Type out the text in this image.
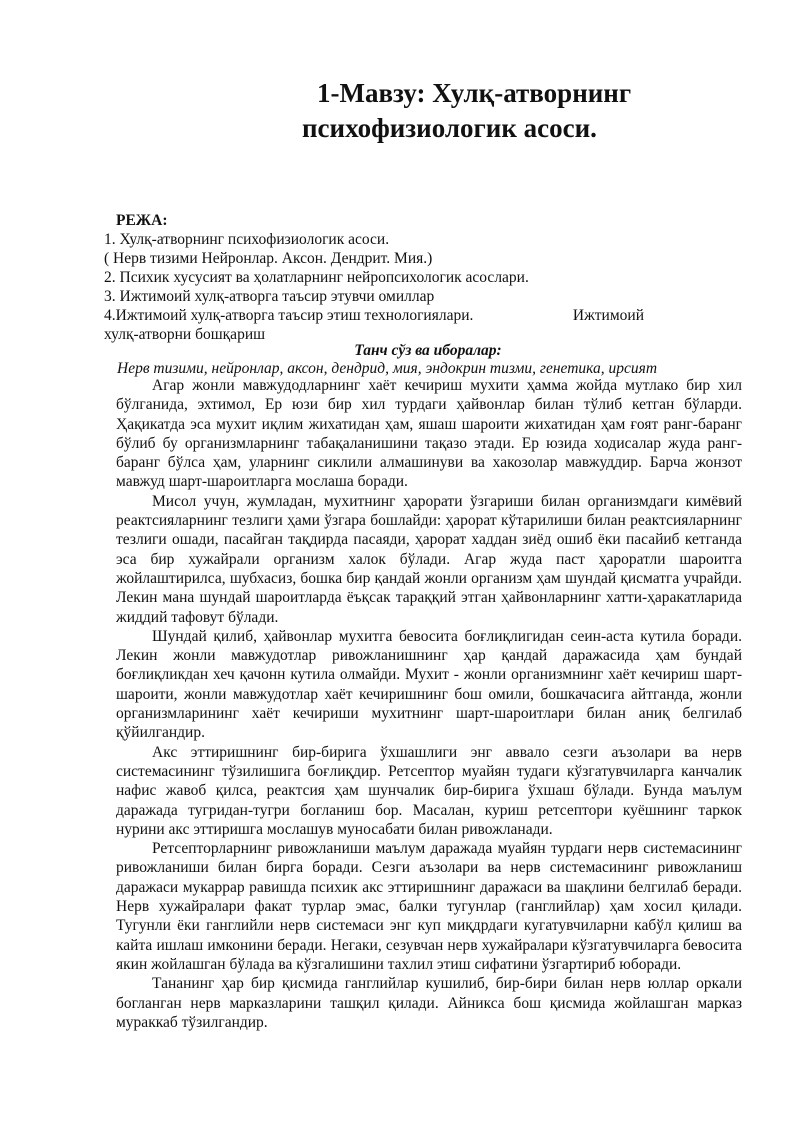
1-Мавзу: Хулқ-атворнинг
психофизиологик асоси.
РЕЖА:
1. Хулқ-атворнинг психофизиологик асоси.
( Нерв тизими Нейронлар. Аксон. Дендрит. Мия.)
2. Психик хусусият ва ҳолатларнинг нейропсихологик асослари.
3. Ижтимоий хулқ-атворга таъсир этувчи омиллар
4.Ижтимоий хулқ-атворга таъсир этиш технологиялари.	Ижтимоий
хулқ-атворни бошқариш
Танч сўз ва иборалар:
Нерв тизими, нейронлар, аксон, дендрид, мия, эндокрин тизми, генетика, ирсият

Агар жонли мавжудодларнинг хаёт кечириш мухити ҳамма жойда мутлако бир хил бўлганида, эхтимол, Ер юзи бир хил турдаги ҳайвонлар билан тўлиб кетган бўларди. Ҳақикатда эса мухит иқлим жихатидан ҳам, яшаш шароити жихатидан ҳам ғоят ранг-баранг бўлиб бу организмларнинг табақаланишини тақазо этади. Ер юзида ходисалар жуда ранг-баранг бўлса ҳам, уларнинг сиклили алмашинуви ва хакозолар мавжуддир. Барча жонзот мавжуд шарт-шароитларга мослаша боради.

Мисол учун, жумладан, мухитнинг ҳарорати ўзгариши билан организмдаги кимёвий реактсияларнинг тезлиги ҳами ўзгара бошлайди: ҳарорат кўтарилиши билан реактсияларнинг тезлиги ошади, пасайган тақдирда пасаяди, ҳарорат хаддан зиёд ошиб ёки пасайиб кетганда эса бир хужайрали организм халок бўлади. Агар жуда паст ҳароратли шароитга жойлаштирилса, шубхасиз, бошка бир қандай жонли организм ҳам шундай қисматга учрайди. Лекин мана шундай шароитларда ёъқсак тараққий этган ҳайвонларнинг хатти-ҳаракатларида жиддий тафовут бўлади.

Шундай қилиб, ҳайвонлар мухитга бевосита боғлиқлигидан сеин-аста кутила боради. Лекин жонли мавжудотлар ривожланишнинг ҳар қандай даражасида ҳам бундай боғлиқликдан хеч қачонн кутила олмайди. Мухит - жонли организмнинг хаёт кечириш шарт-шароити, жонли мавжудотлар хаёт кечиришнинг бош омили, бошкачасига айтганда, жонли организмларининг хаёт кечириши мухитнинг шарт-шароитлари билан аниқ белгилаб қўйилгандир.

Акс эттиришнинг бир-бирига ўхшашлиги энг аввало сезги аъзолари ва нерв системасининг тўзилишига боғлиқдир. Ретсептор муайян тудаги кўзгатувчиларга канчалик нафис жавоб қилса, реактсия ҳам шунчалик бир-бирига ўхшаш бўлади. Бунда маълум даражада тугридан-тугри богланиш бор. Масалан, куриш ретсептори куёшнинг таркок нурини акс эттиришга мослашув муносабати билан ривожланади.

Ретсепторларнинг ривожланиши маълум даражада муайян турдаги нерв системасининг ривожланиши билан бирга боради. Сезги аъзолари ва нерв системасининг ривожланиш даражаси мукаррар равишда психик акс эттиришнинг даражаси ва шақлини белгилаб беради. Нерв хужайралари факат турлар эмас, балки тугунлар (ганглийлар) ҳам хосил қилади. Тугунли ёки ганглийли нерв системаси энг куп миқдрдаги кугатувчиларни кабўл қилиш ва кайта ишлаш имконини беради. Негаки, сезувчан нерв хужайралари кўзгатувчиларга бевосита якин жойлашган бўлада ва кўзгалишини тахлил этиш сифатини ўзгартириб юборади.

Тананинг ҳар бир қисмида ганглийлар кушилиб, бир-бири билан нерв юллар оркали богланган нерв марказларини ташқил қилади. Айникса бош қисмида жойлашган марказ мураккаб тўзилгандир.
